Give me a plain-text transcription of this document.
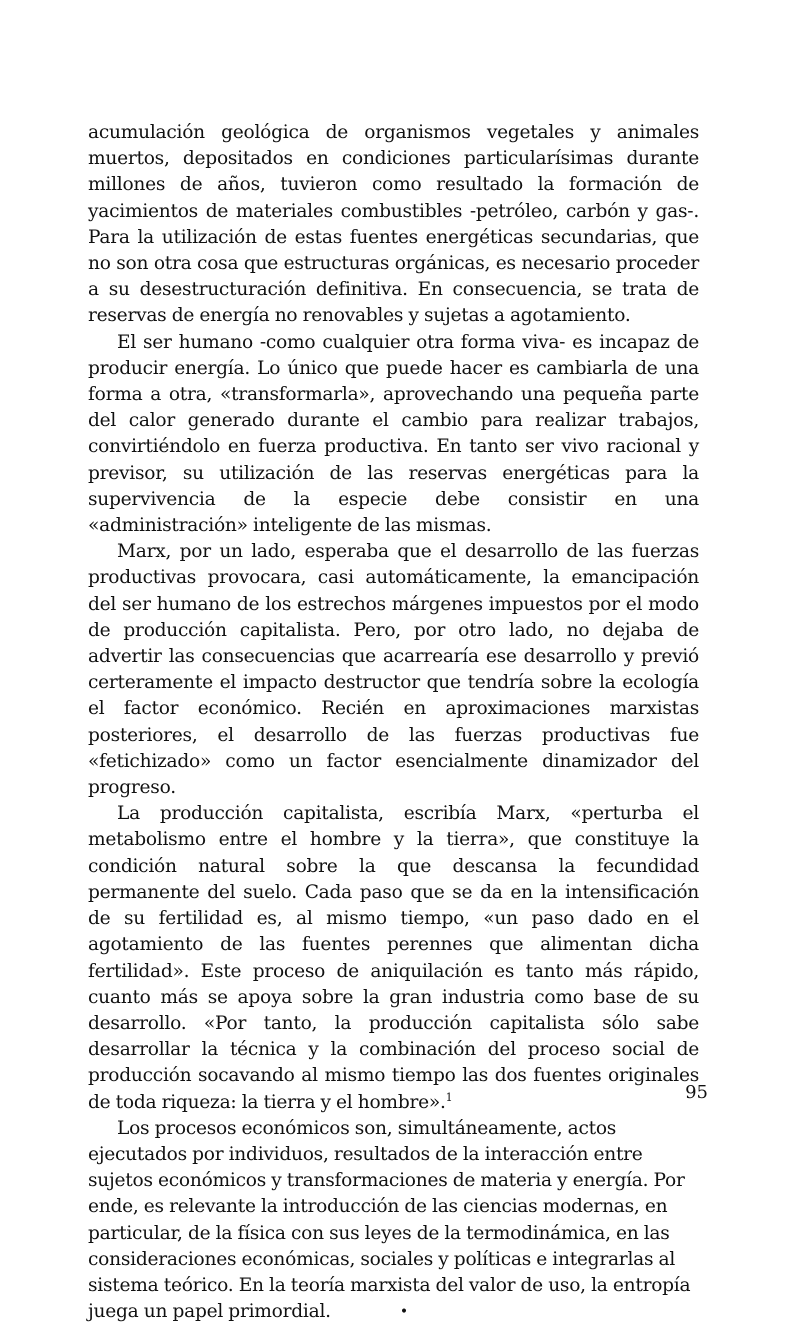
acumulación geológica de organismos vegetales y animales muertos, depositados en condiciones particularísimas durante millones de años, tuvieron como resultado la formación de yacimientos de materiales combustibles -petróleo, carbón y gas-. Para la utilización de estas fuentes energéticas secundarias, que no son otra cosa que estructuras orgánicas, es necesario proceder a su desestructuración definitiva. En consecuencia, se trata de reservas de energía no renovables y sujetas a agotamiento.

El ser humano -como cualquier otra forma viva- es incapaz de producir energía. Lo único que puede hacer es cambiarla de una forma a otra, «transformarla», aprovechando una pequeña parte del calor generado durante el cambio para realizar trabajos, convirtiéndolo en fuerza productiva. En tanto ser vivo racional y previsor, su utilización de las reservas energéticas para la supervivencia de la especie debe consistir en una «administración» inteligente de las mismas.

Marx, por un lado, esperaba que el desarrollo de las fuerzas productivas provocara, casi automáticamente, la emancipación del ser humano de los estrechos márgenes impuestos por el modo de producción capitalista. Pero, por otro lado, no dejaba de advertir las consecuencias que acarrearía ese desarrollo y previó certeramente el impacto destructor que tendría sobre la ecología el factor económico. Recién en aproximaciones marxistas posteriores, el desarrollo de las fuerzas productivas fue «fetichizado» como un factor esencialmente dinamizador del progreso.

La producción capitalista, escribía Marx, «perturba el metabolismo entre el hombre y la tierra», que constituye la condición natural sobre la que descansa la fecundidad permanente del suelo. Cada paso que se da en la intensificación de su fertilidad es, al mismo tiempo, «un paso dado en el agotamiento de las fuentes perennes que alimentan dicha fertilidad». Este proceso de aniquilación es tanto más rápido, cuanto más se apoya sobre la gran industria como base de su desarrollo. «Por tanto, la producción capitalista sólo sabe desarrollar la técnica y la combinación del proceso social de producción socavando al mismo tiempo las dos fuentes originales de toda riqueza: la tierra y el hombre».$^1$

Los procesos económicos son, simultáneamente, actos ejecutados por individuos, resultados de la interacción entre sujetos económicos y transformaciones de materia y energía. Por ende, es relevante la introducción de las ciencias modernas, en particular, de la física con sus leyes de la termodinámica, en las consideraciones económicas, sociales y políticas e integrarlas al sistema teórico. En la teoría marxista del valor de uso, la entropía juega un papel primordial.	•

95
